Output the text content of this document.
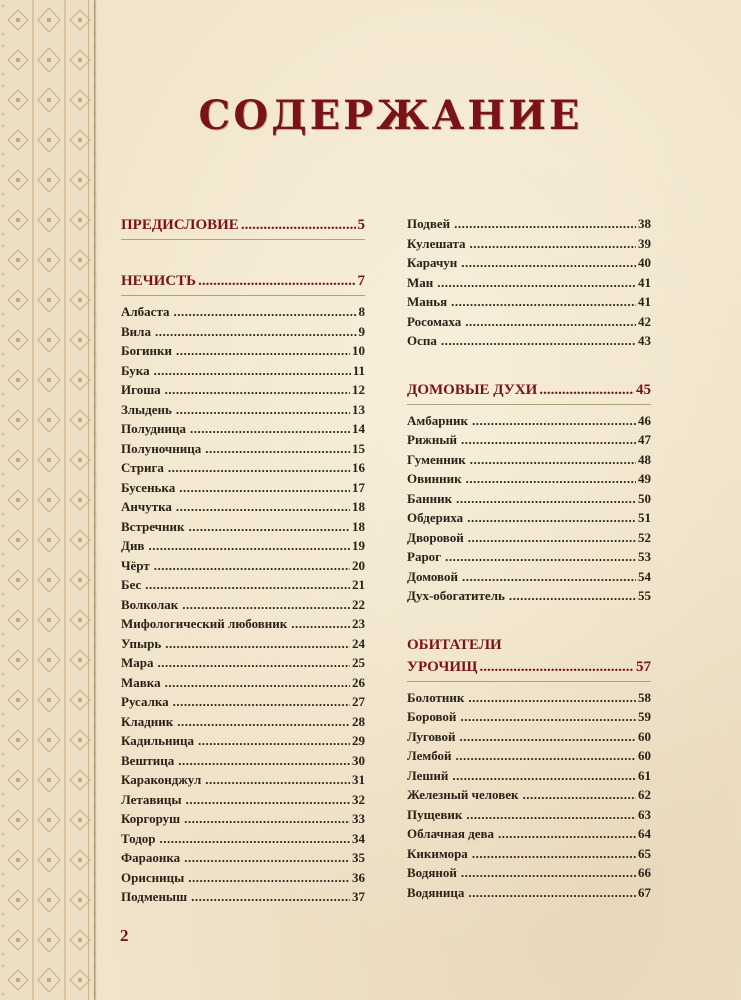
СОДЕРЖАНИЕ
ПРЕДИСЛОВИЕ .....	5
НЕЧИСТЬ .....	7
Албаста .....	8
Вила .....	9
Богинки .....	10
Бука .....	11
Игоша .....	12
Злыдень .....	13
Полудница .....	14
Полуночница .....	15
Стрига .....	16
Бусенька .....	17
Анчутка .....	18
Встречник .....	18
Див .....	19
Чёрт .....	20
Бес .....	21
Волколак .....	22
Мифологический любовник .....	23
Упырь .....	24
Мара .....	25
Мавка .....	26
Русалка .....	27
Кладник .....	28
Кадильница .....	29
Вештица .....	30
Караконджул .....	31
Летавицы .....	32
Коргоруш .....	33
Тодор .....	34
Фараонка .....	35
Орисницы .....	36
Подменыш .....	37
Подвей .....	38
Кулешата .....	39
Карачун .....	40
Ман .....	41
Манья .....	41
Росомаха .....	42
Оспа .....	43
ДОМОВЫЕ ДУХИ .....	45
Амбарник .....	46
Рижный .....	47
Гуменник .....	48
Овинник .....	49
Банник .....	50
Обдериха .....	51
Дворовой .....	52
Рарог .....	53
Домовой .....	54
Дух-обогатитель .....	55
ОБИТАТЕЛИ
УРОЧИЩ .....	57
Болотник .....	58
Боровой .....	59
Луговой .....	60
Лембой .....	60
Леший .....	61
Железный человек .....	62
Пущевик .....	63
Облачная дева .....	64
Кикимора .....	65
Водяной .....	66
Водяница .....	67
2
